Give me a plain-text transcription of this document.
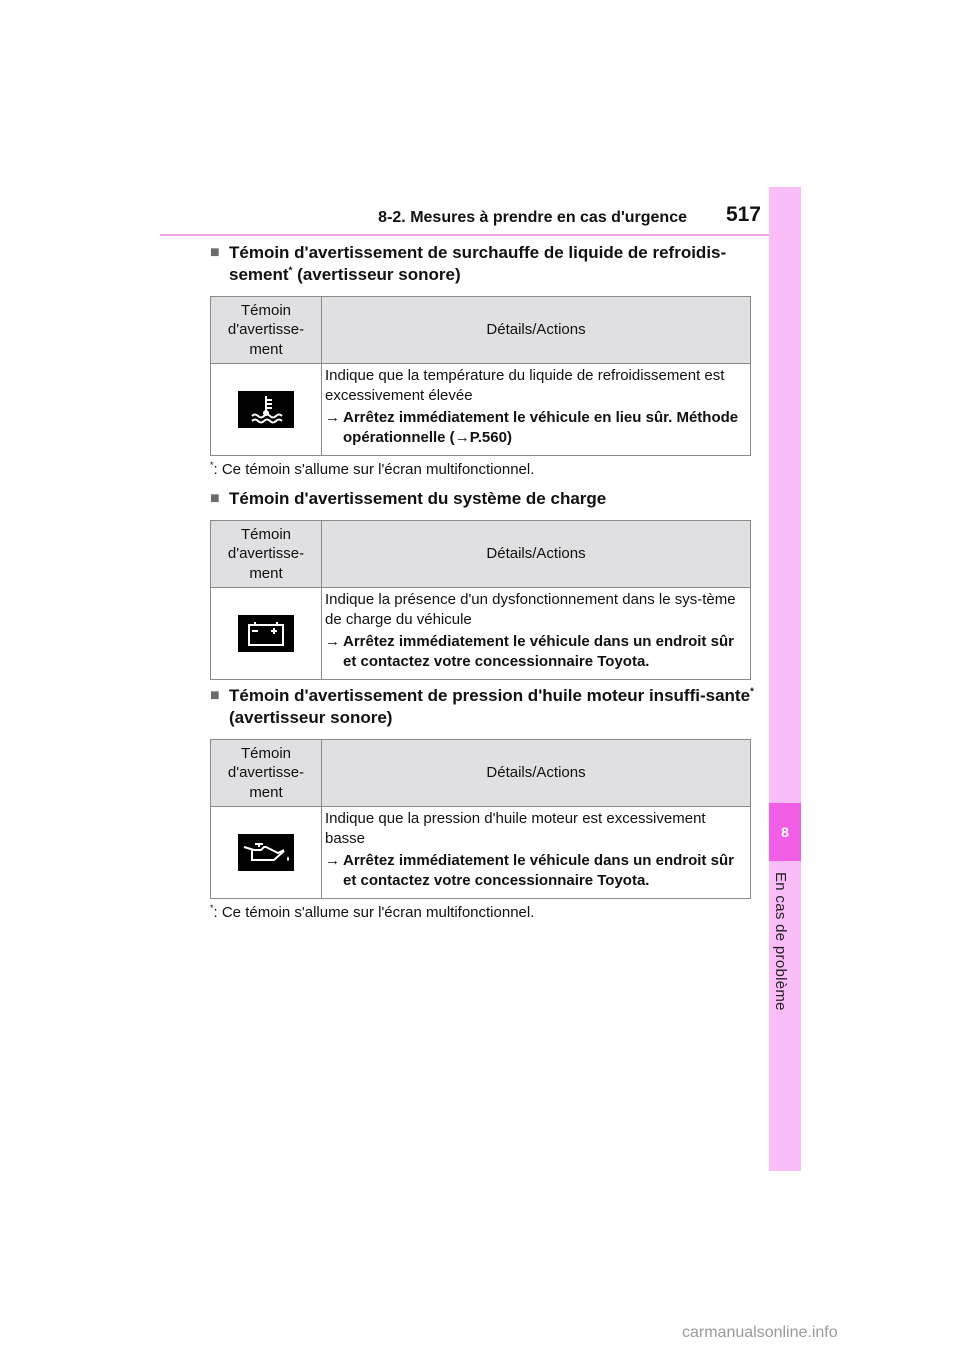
8-2. Mesures à prendre en cas d'urgence 517
8
En cas de problème
■ Témoin d'avertissement de surchauffe de liquide de refroidis-sement* (avertisseur sonore)
Témoin
d'avertisse-
ment	Détails/Actions

Indique que la température du liquide de refroidissement est excessivement élevée
→ Arrêtez immédiatement le véhicule en lieu sûr. Méthode opérationnelle (→P.560)
*: Ce témoin s'allume sur l'écran multifonctionnel.
■ Témoin d'avertissement du système de charge
Témoin
d'avertisse-
ment	Détails/Actions

Indique la présence d'un dysfonctionnement dans le sys-tème de charge du véhicule
→ Arrêtez immédiatement le véhicule dans un endroit sûr et contactez votre concessionnaire Toyota.
■ Témoin d'avertissement de pression d'huile moteur insuffi-sante* (avertisseur sonore)
Témoin
d'avertisse-
ment	Détails/Actions

Indique que la pression d'huile moteur est excessivement basse
→ Arrêtez immédiatement le véhicule dans un endroit sûr et contactez votre concessionnaire Toyota.
*: Ce témoin s'allume sur l'écran multifonctionnel.
carmanualsonline.info
